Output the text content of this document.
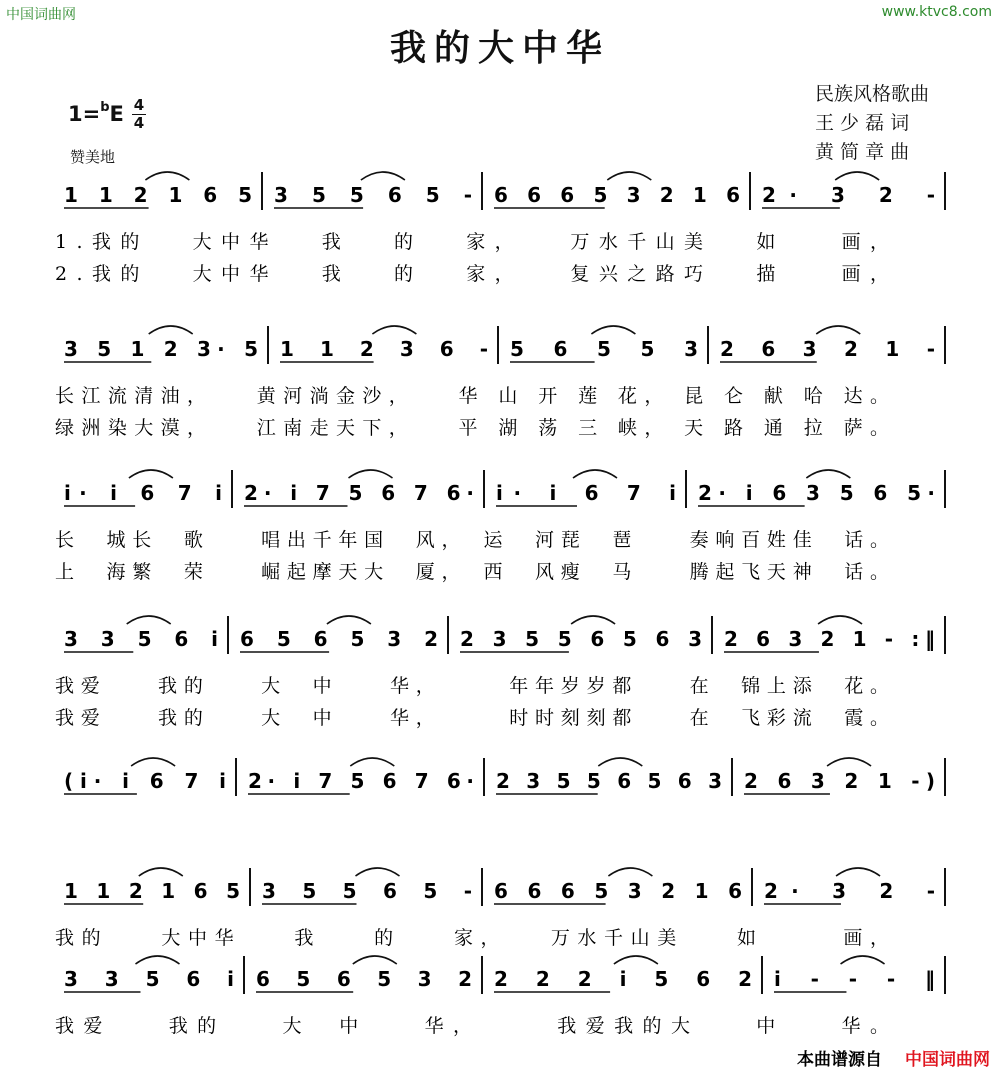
中国词曲网	www.ktvc8.com
我的大中华
1=$^b$E 4
4
赞美地
民族风格歌曲
王 少 磊 词
黄 简 章 曲
1 1 2 1 6 5 3 5 5 6 5 - 6 6 6 5 3 2 1 6 2· 3 2 -
1.我的　 大中华　 我　 的　 家，　　万水千山美　 如　　画，
2.我的　 大中华　 我　 的　 家，　　复兴之路巧　 描　　画，
3 5 1 2 3· 5 1 1 2 3 6 - 5 6 5 5 3 2 6 3 2 1 -
长江流清油，　　黄河淌金沙，　　华 山 开 莲 花， 昆 仑 献 哈 达。
绿洲染大漠，　　江南走天下，　　平 湖 荡 三 峡， 天 路 通 拉 萨。
i· i 6 7 i 2· i 7 5 6 7 6· i· i 6 7 i 2· i 6 3 5 6 5·
长　城长　歌　　唱出千年国　风，　运　河琵　琶　　奏响百姓佳　话。
上　海繁　荣　　崛起摩天大　厦，　西　风瘦　马　　腾起飞天神　话。
3 3 5 6 i 6 5 6 5 3 2 2 3 5 5 6 5 6 3 2 6 3 2 1 - :‖
我爱　　我的　　大　中　　华，　　　年年岁岁都　　在　锦上添　花。
我爱　　我的　　大　中　　华，　　　时时刻刻都　　在　飞彩流　霞。
(i· i 6 7 i 2· i 7 5 6 7 6· 2 3 5 5 6 5 6 3 2 6 3 2 1 -)
1 1 2 1 6 5 3 5 5 6 5 - 6 6 6 5 3 2 1 6 2· 3 2 -
我的　　大中华　　我　　的　　家，　　万水千山美　　如　　　画，
3 3 5 6 i 6 5 6 5 3 2 2 2 2 i 5 6 2 i - - - ‖
我爱　　我的　　大　中　　华，　　　我爱我的大　　中　　华。
本曲谱源自 中国词曲网
